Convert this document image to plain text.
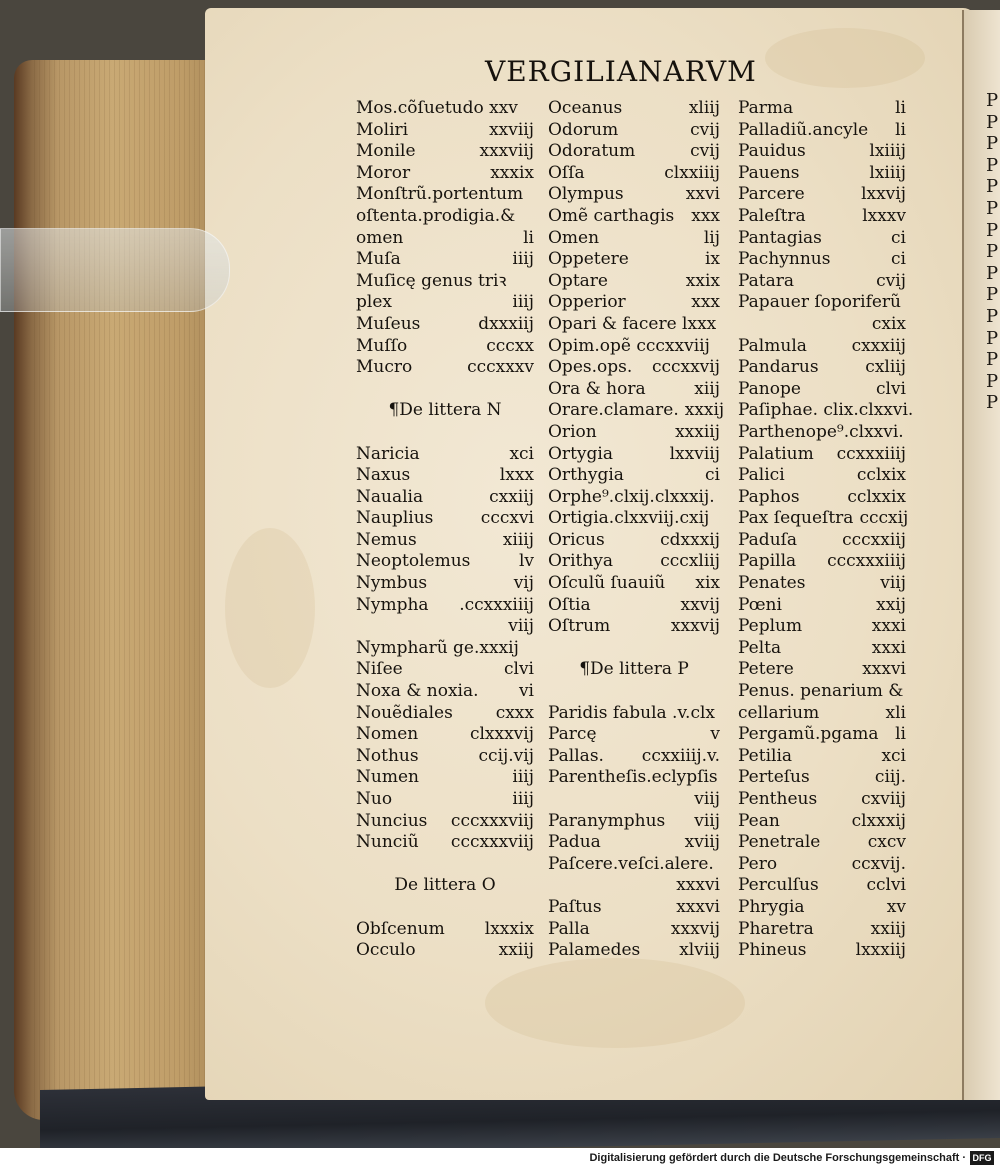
P
P
P
P
P
P
P
P
P
P
P
P
P
P
P
VERGILIANARVM
Mos.cõſuetudo xxv
Moliri	xxviij
Monile	xxxviij
Moror	xxxix
Monſtrũ.portentum
oſtenta.prodigia.&
omen	li
Muſa	iiij
Muſicę genus triꝛ
plex	iiij
Muſeus	dxxxiij
Muſſo	cccxx
Mucro	cccxxxv
¶De littera N
Naricia	xci
Naxus	lxxx
Naualia	cxxiij
Nauplius	cccxvi
Nemus	xiiij
Neoptolemus	lv
Nymbus	vij
Nympha .ccxxxiiij
viij
Nympharũ ge.xxxij
Niſee	clvi
Noxa & noxia. vi
Nouẽdiales	cxxx
Nomen	clxxxvij
Nothus	ccij.vij
Numen	iiij
Nuo	iiij
Nuncius cccxxxviij
Nunciũ cccxxxviij
De littera O
Obſcenum lxxxix
Occulo	xxiij
Oceanus	xliij
Odorum	cvij
Odoratum	cvij
Oſſa	clxxiiij
Olympus	xxvi
Omẽ carthagis xxx
Omen	lij
Oppetere	ix
Optare	xxix
Opperior	xxx
Opari & facere lxxx
Opim.opẽ cccxxviij
Opes.ops. cccxxvij
Ora & hora	xiij
Orare.clamare. xxxij
Orion	xxxiij
Ortygia	lxxviij
Orthygia	ci
Orphe⁹.clxij.clxxxij.
Ortigia.clxxviij.cxij
Oricus	cdxxxij
Orithya	cccxliij
Oſculũ ſuauiũ xix
Oſtia	xxvij
Oſtrum	xxxvij
¶De littera P
Paridis fabula .v.clx
Parcę	v
Pallas. ccxxiiij.v.
Parentheſis.eclypſis
viij
Paranymphus viij
Padua	xviij
Paſcere.veſci.alere.
xxxvi
Paſtus	xxxvi
Palla	xxxvij
Palamedes xlviij
Parma	li
Palladiũ.ancyle li
Pauidus	lxiiij
Pauens	lxiiij
Parcere	lxxvij
Paleſtra	lxxxv
Pantagias	ci
Pachynnus	ci
Patara	cvij
Papauer ſoporiferũ
cxix
Palmula	cxxxiij
Pandarus	cxliij
Panope	clvi
Paſiphae. clix.clxxvi.
Parthenope⁹.clxxvi.
Palatium ccxxxiiij
Palici	cclxix
Paphos	cclxxix
Pax ſequeſtra cccxij
Paduſa	cccxxiij
Papilla cccxxxiiij
Penates	viij
Pœni	xxij
Peplum	xxxi
Pelta	xxxi
Petere	xxxvi
Penus. penarium &
cellarium	xli
Pergamũ.pgama li
Petilia	xci
Perteſus	ciij.
Pentheus	cxviij
Pean	clxxxij
Penetrale	cxcv
Pero	ccxvij.
Perculſus	cclvi
Phrygia	xv
Pharetra	xxiij
Phineus	lxxxiij
Digitalisierung gefördert durch die Deutsche Forschungsgemeinschaft · DFG
